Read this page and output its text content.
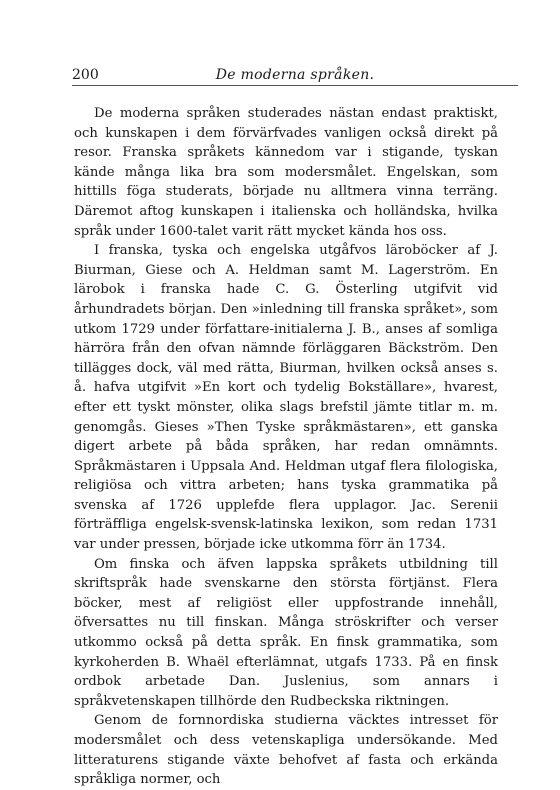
200	De moderna språken.

De moderna språken studerades nästan endast praktiskt, och kunskapen i dem förvärfvades vanligen också direkt på resor. Franska språkets kännedom var i stigande, tyskan kände många lika bra som modersmålet. Engelskan, som hittills föga studerats, började nu alltmera vinna terräng. Däremot aftog kunskapen i italienska och holländska, hvilka språk under 1600-talet varit rätt mycket kända hos oss.

I franska, tyska och engelska utgåfvos läroböcker af J. Biurman, Giese och A. Heldman samt M. Lagerström. En lärobok i franska hade C. G. Österling utgifvit vid århundradets början. Den »inledning till franska språket», som utkom 1729 under författare-initialerna J. B., anses af somliga härröra från den ofvan nämnde förläggaren Bäckström. Den tillägges dock, väl med rätta, Biurman, hvilken också anses s. å. hafva utgifvit »En kort och tydelig Bokställare», hvarest, efter ett tyskt mönster, olika slags brefstil jämte titlar m. m. genomgås. Gieses »Then Tyske språkmästaren», ett ganska digert arbete på båda språken, har redan omnämnts. Språkmästaren i Uppsala And. Heldman utgaf flera filologiska, religiösa och vittra arbeten; hans tyska grammatika på svenska af 1726 upplefde flera upplagor. Jac. Serenii förträffliga engelsk-svensk-latinska lexikon, som redan 1731 var under pressen, började icke utkomma förr än 1734.

Om finska och äfven lappska språkets utbildning till skriftspråk hade svenskarne den största förtjänst. Flera böcker, mest af religiöst eller uppfostrande innehåll, öfversattes nu till finskan. Många ströskrifter och verser utkommo också på detta språk. En finsk grammatika, som kyrkoherden B. Whaël efterlämnat, utgafs 1733. På en finsk ordbok arbetade Dan. Juslenius, som annars i språkvetenskapen tillhörde den Rudbeckska riktningen.

Genom de fornnordiska studierna väcktes intresset för modersmålet och dess vetenskapliga undersökande. Med litteraturens stigande växte behofvet af fasta och erkända språkliga normer, och
